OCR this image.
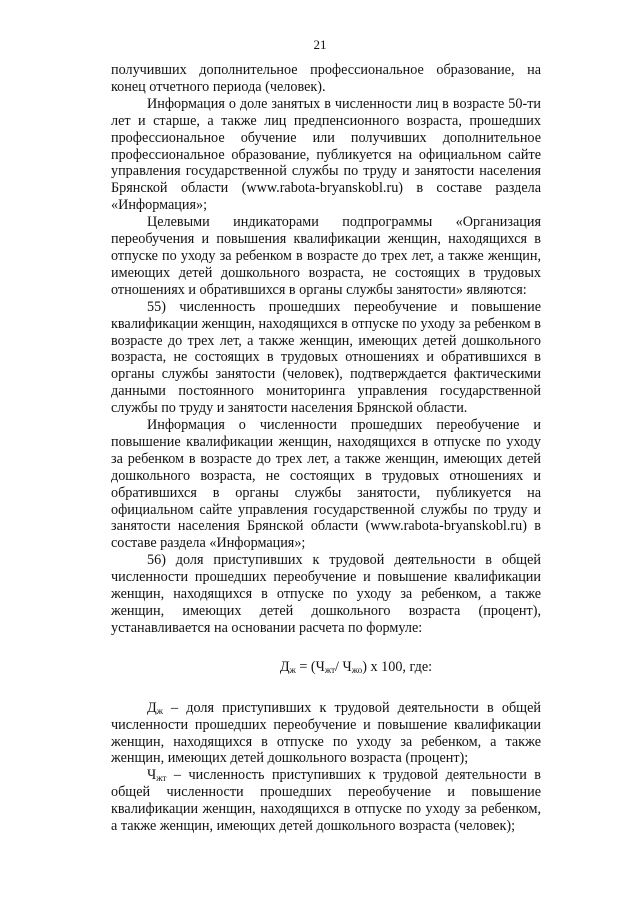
21

получивших дополнительное профессиональное образование, на конец отчетного периода (человек).

Информация о доле занятых в численности лиц в возрасте 50-ти лет и старше, а также лиц предпенсионного возраста, прошедших профессиональное обучение или получивших дополнительное профессиональное образование, публикуется на официальном сайте управления государственной службы по труду и занятости населения Брянской области (www.rabota-bryanskobl.ru) в составе раздела «Информация»;

Целевыми индикаторами подпрограммы «Организация переобучения и повышения квалификации женщин, находящихся в отпуске по уходу за ребенком в возрасте до трех лет, а также женщин, имеющих детей дошкольного возраста, не состоящих в трудовых отношениях и обратившихся в органы службы занятости» являются:

55) численность прошедших переобучение и повышение квалификации женщин, находящихся в отпуске по уходу за ребенком в возрасте до трех лет, а также женщин, имеющих детей дошкольного возраста, не состоящих в трудовых отношениях и обратившихся в органы службы занятости (человек), подтверждается фактическими данными постоянного мониторинга управления государственной службы по труду и занятости населения Брянской области.

Информация о численности прошедших переобучение и повышение квалификации женщин, находящихся в отпуске по уходу за ребенком в возрасте до трех лет, а также женщин, имеющих детей дошкольного возраста, не состоящих в трудовых отношениях и обратившихся в органы службы занятости, публикуется на официальном сайте управления государственной службы по труду и занятости населения Брянской области (www.rabota-bryanskobl.ru) в составе раздела «Информация»;

56) доля приступивших к трудовой деятельности в общей численности прошедших переобучение и повышение квалификации женщин, находящихся в отпуске по уходу за ребенком, а также женщин, имеющих детей дошкольного возраста (процент), устанавливается на основании расчета по формуле:

$Д_ж = (Ч_{жт}/$ $Ч_{жо}$) х 100, где:

$Д_ж$ – доля приступивших к трудовой деятельности в общей численности прошедших переобучение и повышение квалификации женщин, находящихся в отпуске по уходу за ребенком, а также женщин, имеющих детей дошкольного возраста (процент);

$Ч_{жт}$ – численность приступивших к трудовой деятельности в общей численности прошедших переобучение и повышение квалификации женщин, находящихся в отпуске по уходу за ребенком, а также женщин, имеющих детей дошкольного возраста (человек);
